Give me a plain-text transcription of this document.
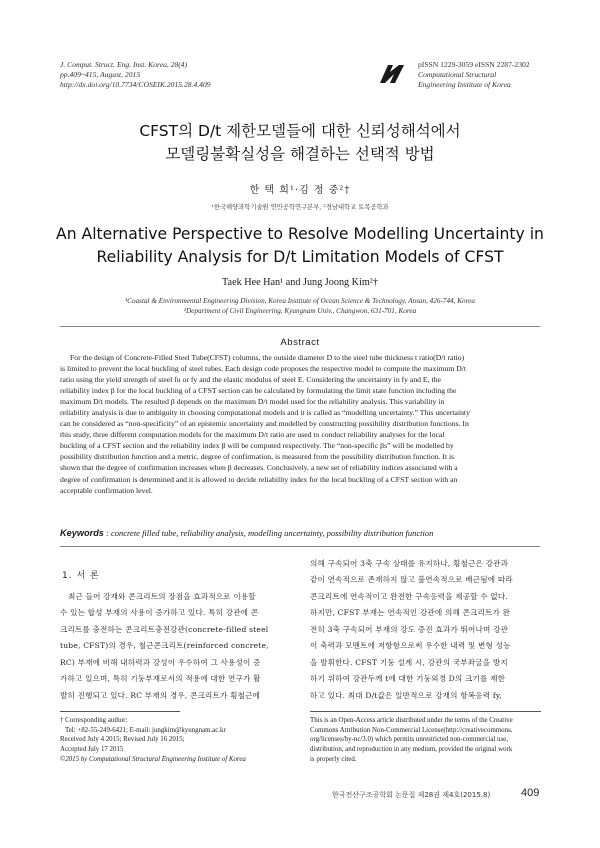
J. Comput. Struct. Eng. Inst. Korea, 28(4)
pp.409~415, August, 2015
http://dx.doi.org/10.7734/COSEIK.2015.28.4.409
pISSN 1229-3059 eISSN 2287-2302
Computational Structural
Engineering Institute of Korea
CFST의 D/t 제한모델들에 대한 신뢰성해석에서
모델링불확실성을 해결하는 선택적 방법
한 택 희¹·김 정 중²†
¹한국해양과학기술원 연안공학연구본부, ²경남대학교 토목공학과
An Alternative Perspective to Resolve Modelling Uncertainty in
Reliability Analysis for D/t Limitation Models of CFST
Taek Hee Han¹ and Jung Joong Kim²†
¹Coastal & Environmental Engineering Division, Korea Institute of Ocean Science & Technology, Ansan, 426-744, Korea
²Department of Civil Engineering, Kyungnam Univ., Changwon, 631-701, Korea
Abstract
For the design of Concrete-Filled Steel Tube(CFST) columns, the outside diameter D to the steel tube thickness t ratio(D/t ratio)
is limited to prevent the local buckling of steel tubes. Each design code proposes the respective model to compute the maximum D/t
ratio using the yield strength of steel fu or fy and the elastic modulus of steel E. Considering the uncertainty in fy and E, the
reliability index β for the local buckling of a CFST section can be calculated by formulating the limit state function including the
maximum D/t models. The resulted β depends on the maximum D/t model used for the reliability analysis. This variability in
reliability analysis is due to ambiguity in choosing computational models and it is called as “modelling uncertainty.” This uncertainty
can be considered as “non-specificity” of an epistemic uncertainty and modelled by constructing possibility distribution functions. In
this study, three different computation models for the maximum D/t ratio are used to conduct reliability analyses for the local
buckling of a CFST section and the reliability index β will be computed respectively. The “non-specific βs” will be modelled by
possibility distribution function and a metric, degree of confirmation, is measured from the possibility distribution function. It is
shown that the degree of confirmation increases when β decreases. Conclusively, a new set of reliability indices associated with a
degree of confirmation is determined and it is allowed to decide reliability index for the local buckling of a CFST section with an
acceptable confirmation level.
Keywords : concrete filled tube, reliability analysis, modelling uncertainty, possibility distribution function
1. 서 론
최근 들어 강재와 콘크리트의 장점을 효과적으로 이용할
수 있는 합성 부재의 사용이 증가하고 있다. 특히 강관에 콘
크리트를 충전하는 콘크리트충전강관(concrete-filled steel
tube, CFST)의 경우, 철근콘크리트(reinforced concrete,
RC) 부재에 비해 내하력과 강성이 우수하여 그 사용성이 증
가하고 있으며, 특히 기둥부재로서의 적용에 대한 연구가 활
발히 진행되고 있다. RC 부재의 경우, 콘크리트가 횡철근에
의해 구속되어 3축 구속 상태를 유지하나, 횡철근은 강관과
같이 연속적으로 존재하지 않고 불연속적으로 배근됨에 따라
콘크리트에 연속적이고 완전한 구속응력을 제공할 수 없다.
하지만, CFST 부재는 연속적인 강관에 의해 콘크리트가 완
전히 3축 구속되어 부재의 강도 증진 효과가 뛰어나며 강관
이 축력과 모멘트에 저항함으로써 우수한 내력 및 변형 성능
을 발휘한다. CFST 기둥 설계 시, 강관의 국부좌굴을 방지
하기 위하여 강관두께 t에 대한 기둥외경 D의 크기를 제한
하고 있다. 최대 D/t값은 일반적으로 강재의 항복응력 fy,
† Corresponding author:
Tel: +82-55-249-6421; E-mail: jungkim@kyungnam.ac.kr
Received July 4 2015; Revised July 16 2015;
Accepted July 17 2015
©2015 by Computational Structural Engineering Institute of Korea
This is an Open-Access article distributed under the terms of the Creative
Commons Attribution Non-Commercial License(http://creativecommons.
org/licenses/by-nc/3.0) which permits unrestricted non-commercial use,
distribution, and reproduction in any medium, provided the original work
is properly cited.
한국전산구조공학회 논문집 제28권 제4호(2015.8)	409
